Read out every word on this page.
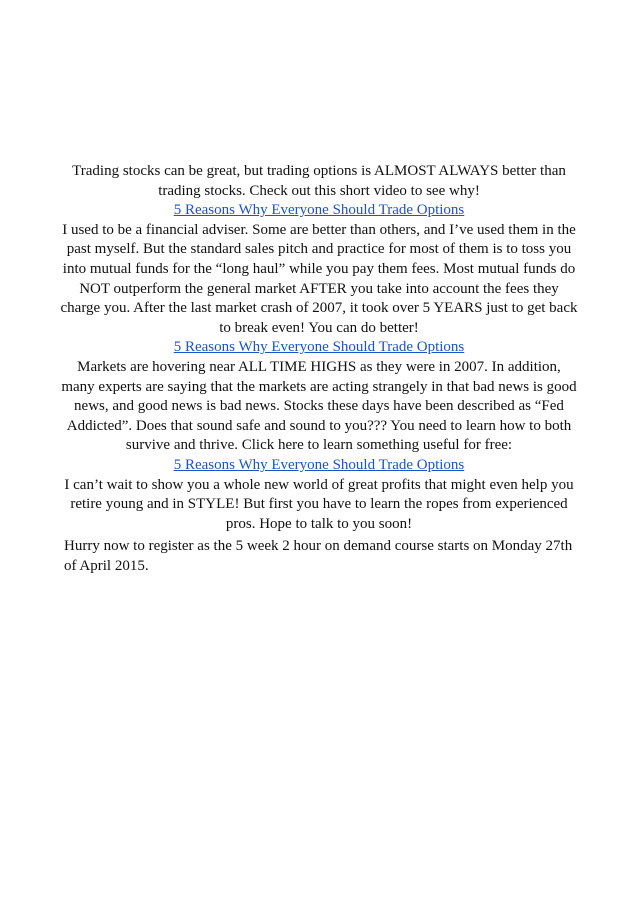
Trading stocks can be great, but trading options is ALMOST ALWAYS better than trading stocks. Check out this short video to see why!

5 Reasons Why Everyone Should Trade Options

I used to be a financial adviser. Some are better than others, and I’ve used them in the past myself. But the standard sales pitch and practice for most of them is to toss you into mutual funds for the “long haul” while you pay them fees. Most mutual funds do NOT outperform the general market AFTER you take into account the fees they charge you. After the last market crash of 2007, it took over 5 YEARS just to get back to break even! You can do better!

5 Reasons Why Everyone Should Trade Options

Markets are hovering near ALL TIME HIGHS as they were in 2007. In addition, many experts are saying that the markets are acting strangely in that bad news is good news, and good news is bad news. Stocks these days have been described as “Fed Addicted”. Does that sound safe and sound to you??? You need to learn how to both survive and thrive. Click here to learn something useful for free:

5 Reasons Why Everyone Should Trade Options

I can’t wait to show you a whole new world of great profits that might even help you retire young and in STYLE! But first you have to learn the ropes from experienced pros. Hope to talk to you soon!

Hurry now to register as the 5 week 2 hour on demand course starts on Monday 27th of April 2015.
